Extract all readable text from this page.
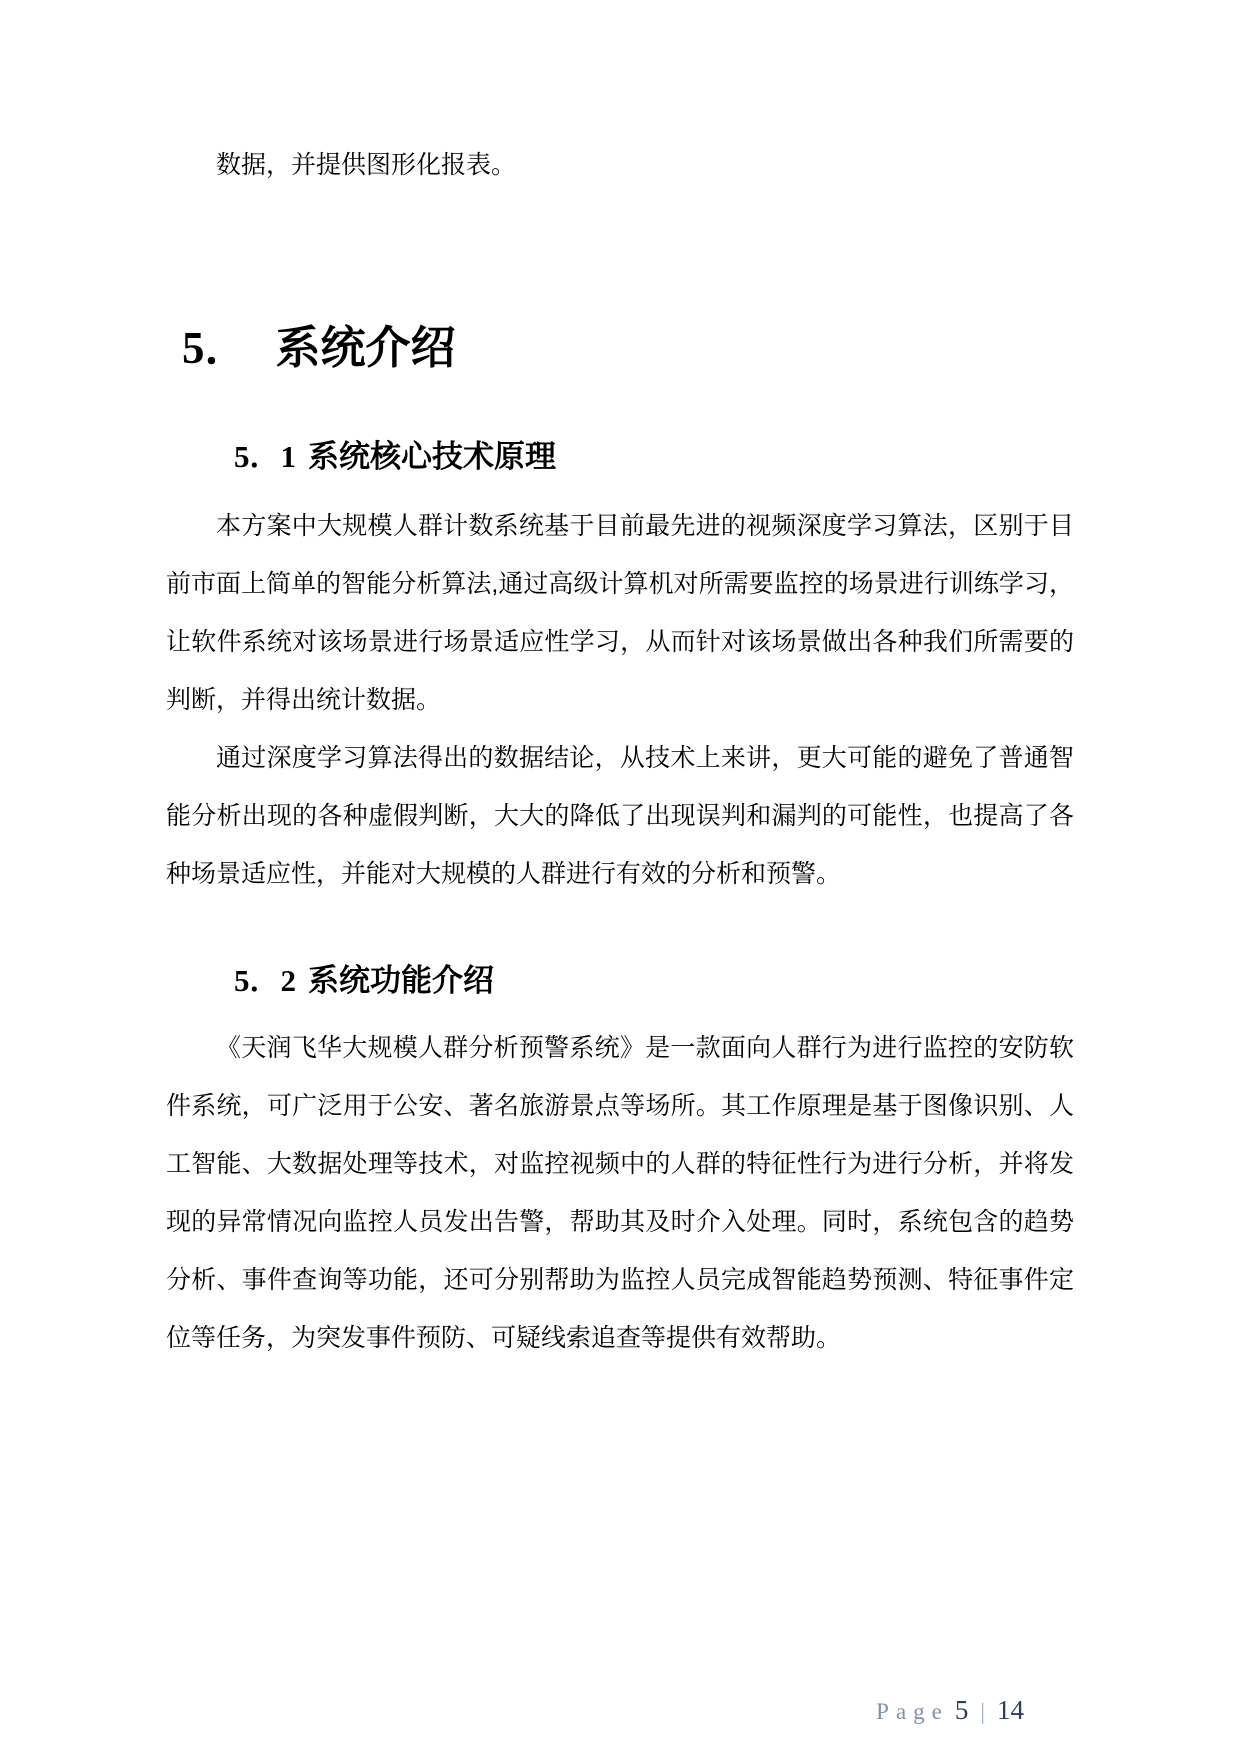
数据，并提供图形化报表。

5． 系统介绍
5．1 系统核心技术原理

本方案中大规模人群计数系统基于目前最先进的视频深度学习算法，区别于目前市面上简单的智能分析算法,通过高级计算机对所需要监控的场景进行训练学习，让软件系统对该场景进行场景适应性学习，从而针对该场景做出各种我们所需要的判断，并得出统计数据。

通过深度学习算法得出的数据结论，从技术上来讲，更大可能的避免了普通智能分析出现的各种虚假判断，大大的降低了出现误判和漏判的可能性，也提高了各种场景适应性，并能对大规模的人群进行有效的分析和预警。

5．2 系统功能介绍

《天润飞华大规模人群分析预警系统》是一款面向人群行为进行监控的安防软件系统，可广泛用于公安、著名旅游景点等场所。其工作原理是基于图像识别、人工智能、大数据处理等技术，对监控视频中的人群的特征性行为进行分析，并将发现的异常情况向监控人员发出告警，帮助其及时介入处理。同时，系统包含的趋势分析、事件查询等功能，还可分别帮助为监控人员完成智能趋势预测、特征事件定位等任务，为突发事件预防、可疑线索追查等提供有效帮助。

Page 5 | 14
